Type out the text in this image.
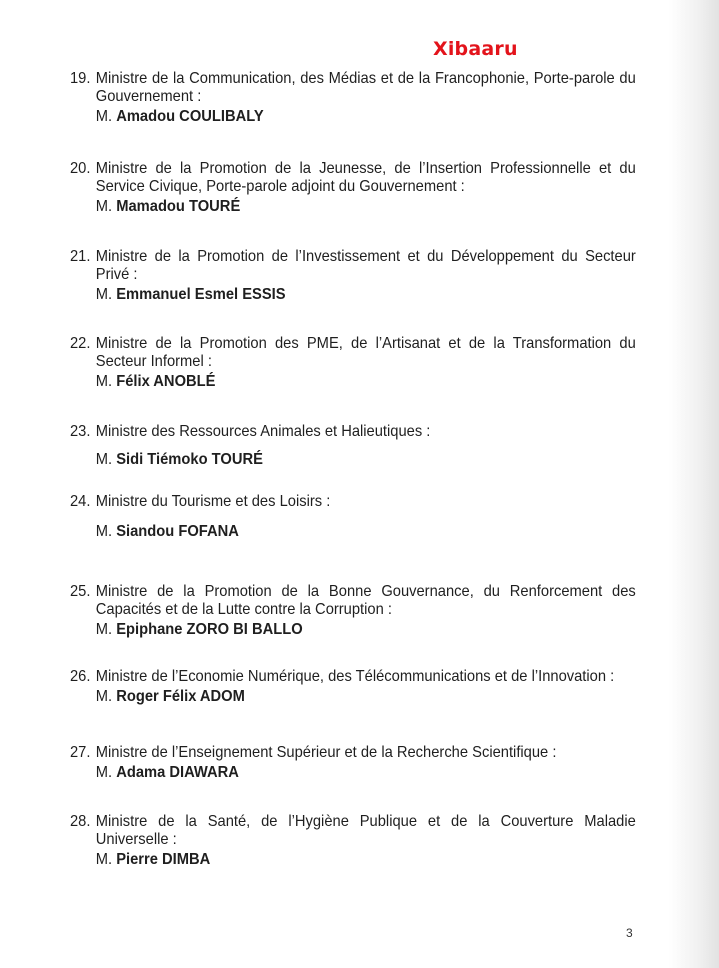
Xibaaru
19. Ministre de la Communication, des Médias et de la Francophonie, Porte-parole du Gouvernement :
M. Amadou COULIBALY
20. Ministre de la Promotion de la Jeunesse, de l’Insertion Professionnelle et du Service Civique, Porte-parole adjoint du Gouvernement :
M. Mamadou TOURÉ
21. Ministre de la Promotion de l’Investissement et du Développement du Secteur Privé :
M. Emmanuel Esmel ESSIS
22. Ministre de la Promotion des PME, de l’Artisanat et de la Transformation du Secteur Informel :
M. Félix ANOBLÉ
23. Ministre des Ressources Animales et Halieutiques :
M. Sidi Tiémoko TOURÉ
24. Ministre du Tourisme et des Loisirs :
M. Siandou FOFANA
25. Ministre de la Promotion de la Bonne Gouvernance, du Renforcement des Capacités et de la Lutte contre la Corruption :
M. Epiphane ZORO BI BALLO
26. Ministre de l’Economie Numérique, des Télécommunications et de l’Innovation :
M. Roger Félix ADOM
27. Ministre de l’Enseignement Supérieur et de la Recherche Scientifique :
M. Adama DIAWARA
28. Ministre de la Santé, de l’Hygiène Publique et de la Couverture Maladie Universelle :
M. Pierre DIMBA
3
